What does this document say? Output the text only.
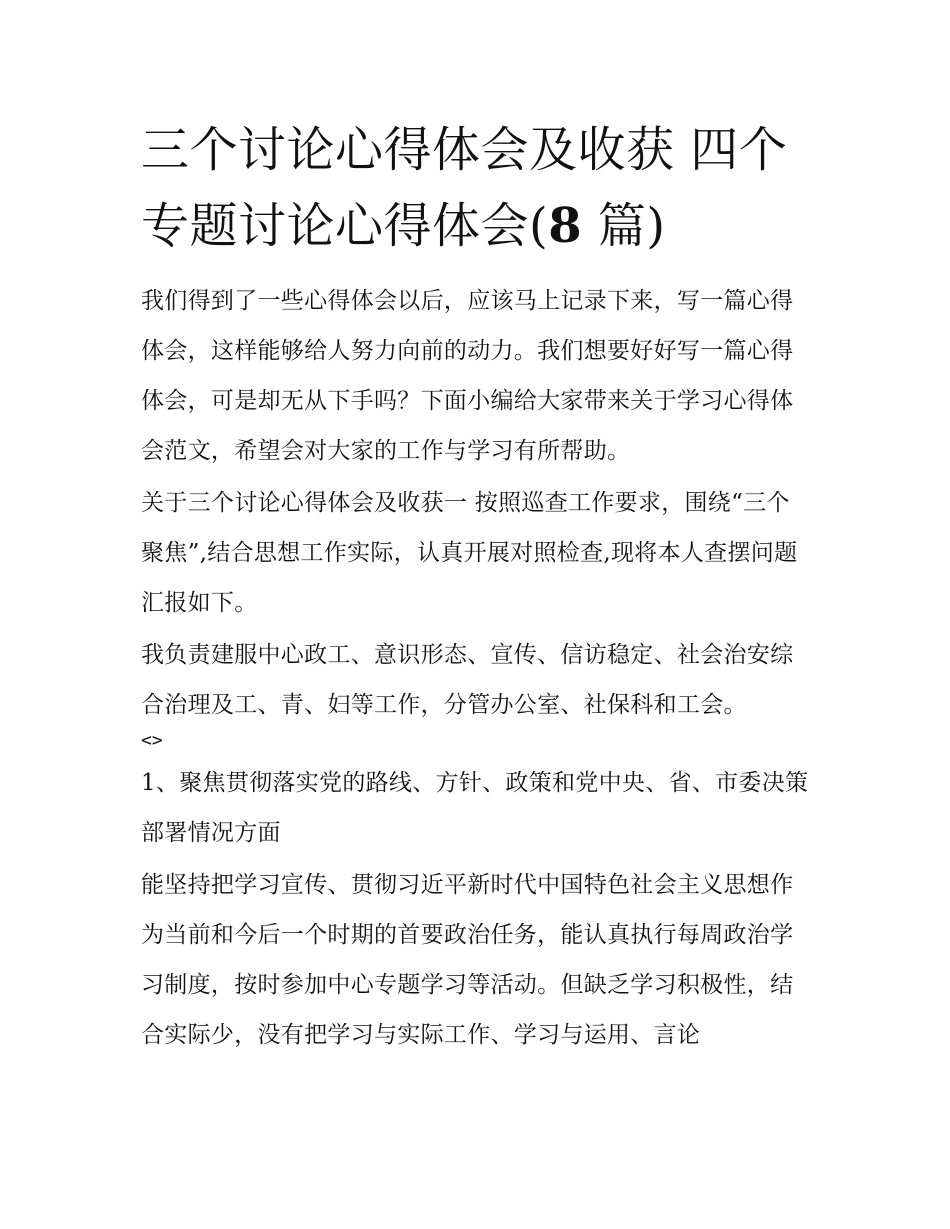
三个讨论心得体会及收获 四个专题讨论心得体会(8 篇)

我们得到了一些心得体会以后，应该马上记录下来，写一篇心得体会，这样能够给人努力向前的动力。我们想要好好写一篇心得体会，可是却无从下手吗？下面小编给大家带来关于学习心得体会范文，希望会对大家的工作与学习有所帮助。

关于三个讨论心得体会及收获一 按照巡查工作要求，围绕“三个聚焦”,结合思想工作实际，认真开展对照检查,现将本人查摆问题汇报如下。

我负责建服中心政工、意识形态、宣传、信访稳定、社会治安综合治理及工、青、妇等工作，分管办公室、社保科和工会。

<>

1、聚焦贯彻落实党的路线、方针、政策和党中央、省、市委决策部署情况方面

能坚持把学习宣传、贯彻习近平新时代中国特色社会主义思想作为当前和今后一个时期的首要政治任务，能认真执行每周政治学习制度，按时参加中心专题学习等活动。但缺乏学习积极性，结合实际少，没有把学习与实际工作、学习与运用、言论
